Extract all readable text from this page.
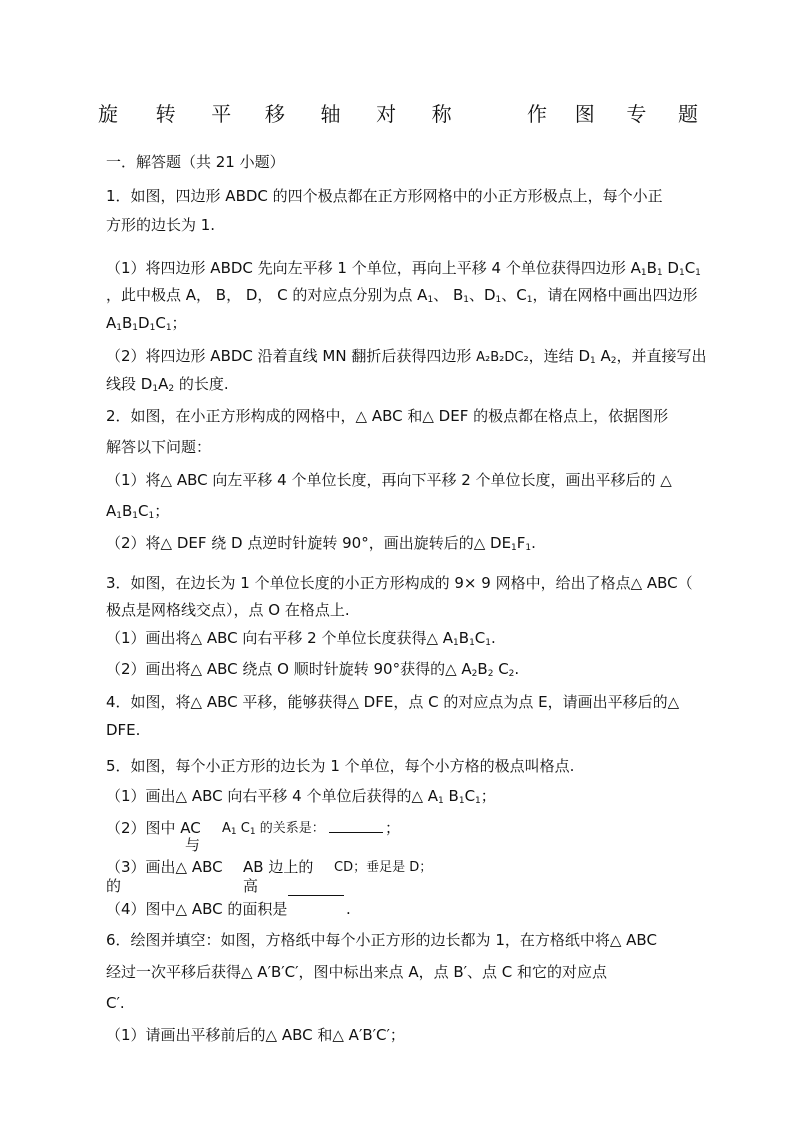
旋	转	平	移	轴	对	称	作	图	专	题
一．解答题（共 21 小题）
1．如图，四边形 ABDC 的四个极点都在正方形网格中的小正方形极点上，每个小正
方形的边长为 1.
（1）将四边形 ABDC 先向左平移 1 个单位，再向上平移 4 个单位获得四边形 $A_1B_1$ $D_1C_1$
，此中极点 A， B， D， C 的对应点分别为点 $A_1$、 $B_1$、$D_1$、$C_1$，请在网格中画出四边形
$A_1B_1D_1C_1$；
（2）将四边形 ABDC 沿着直线 MN 翻折后获得四边形 A₂B₂DC₂，连结 $D_1$ $A_2$，并直接写出
线段 $D_1A_2$ 的长度.
2．如图，在小正方形构成的网格中，△ ABC 和△ DEF 的极点都在格点上，依据图形
解答以下问题：
（1）将△ ABC 向左平移 4 个单位长度，再向下平移 2 个单位长度，画出平移后的 △
$A_1B_1C_1$；
（2）将△ DEF 绕 D 点逆时针旋转 90°，画出旋转后的△ $DE_1F_1$.
3．如图，在边长为 1 个单位长度的小正方形构成的 9× 9 网格中，给出了格点△ ABC（
极点是网格线交点），点 O 在格点上.
（1）画出将△ ABC 向右平移 2 个单位长度获得△ $A_1B_1C_1$.
（2）画出将△ ABC 绕点 O 顺时针旋转 90°获得的△ $A_2B_2$ $C_2$.
4．如图，将△ ABC 平移，能够获得△ DFE，点 C 的对应点为点 E，请画出平移后的△
DFE.
5．如图，每个小正方形的边长为 1 个单位，每个小方格的极点叫格点.
（1）画出△ ABC 向右平移 4 个单位后获得的△ $A_1$ $B_1C_1$；
（2）图中 AC
与
$A_1$ $C_1$ 的关系是：	；
（3）画出△ ABC
的
AB 边上的
高
CD；垂足是 D；
（4）图中△ ABC 的面积是	.
6．绘图并填空：如图，方格纸中每个小正方形的边长都为 1，在方格纸中将△ ABC
经过一次平移后获得△ A′B′C′，图中标出来点 A，点 B′、点 C 和它的对应点
C′.
（1）请画出平移前后的△ ABC 和△ A′B′C′；
